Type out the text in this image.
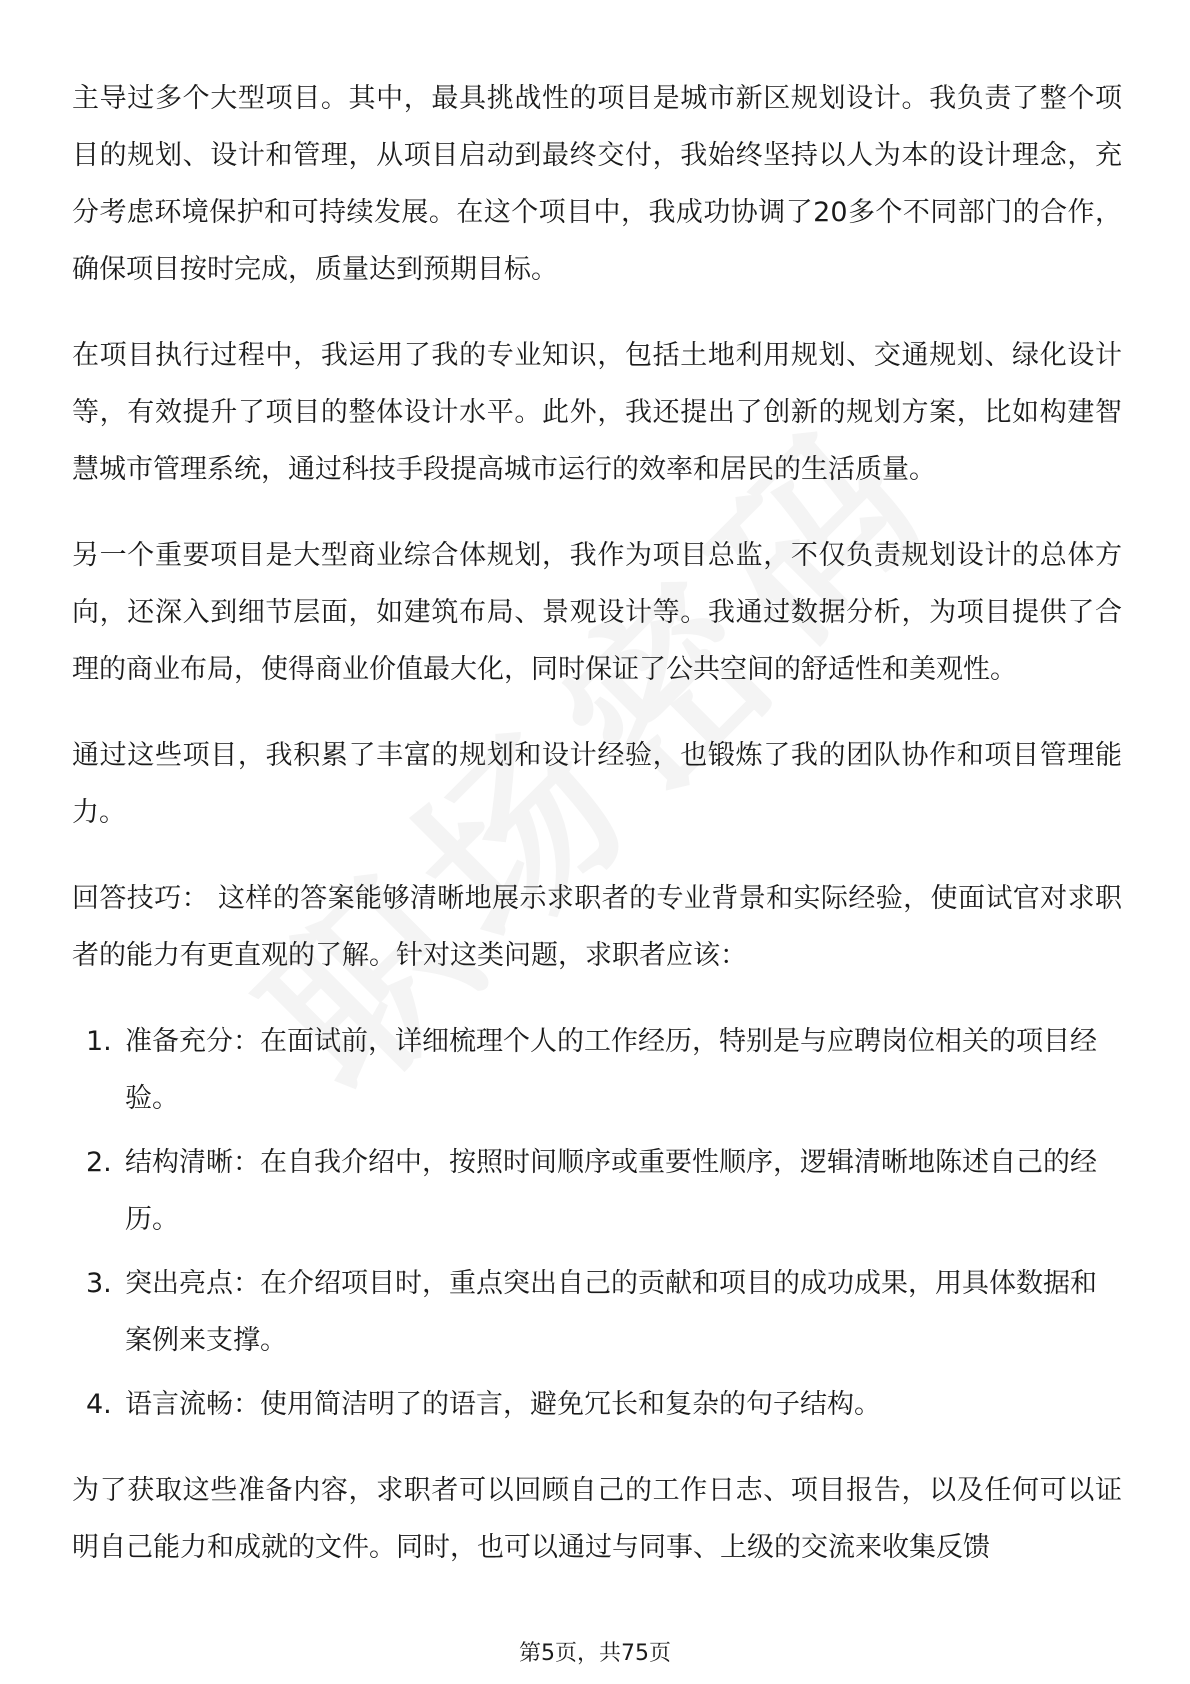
主导过多个大型项目。其中，最具挑战性的项目是城市新区规划设计。我负责了整个项目的规划、设计和管理，从项目启动到最终交付，我始终坚持以人为本的设计理念，充分考虑环境保护和可持续发展。在这个项目中，我成功协调了20多个不同部门的合作，确保项目按时完成，质量达到预期目标。

在项目执行过程中，我运用了我的专业知识，包括土地利用规划、交通规划、绿化设计等，有效提升了项目的整体设计水平。此外，我还提出了创新的规划方案，比如构建智慧城市管理系统，通过科技手段提高城市运行的效率和居民的生活质量。

另一个重要项目是大型商业综合体规划，我作为项目总监，不仅负责规划设计的总体方向，还深入到细节层面，如建筑布局、景观设计等。我通过数据分析，为项目提供了合理的商业布局，使得商业价值最大化，同时保证了公共空间的舒适性和美观性。

通过这些项目，我积累了丰富的规划和设计经验，也锻炼了我的团队协作和项目管理能力。

回答技巧： 这样的答案能够清晰地展示求职者的专业背景和实际经验，使面试官对求职者的能力有更直观的了解。针对这类问题，求职者应该：

1. 准备充分：在面试前，详细梳理个人的工作经历，特别是与应聘岗位相关的项目经验。
2. 结构清晰：在自我介绍中，按照时间顺序或重要性顺序，逻辑清晰地陈述自己的经历。
3. 突出亮点：在介绍项目时，重点突出自己的贡献和项目的成功成果，用具体数据和案例来支撑。
4. 语言流畅：使用简洁明了的语言，避免冗长和复杂的句子结构。

为了获取这些准备内容，求职者可以回顾自己的工作日志、项目报告，以及任何可以证明自己能力和成就的文件。同时，也可以通过与同事、上级的交流来收集反馈

第5页，共75页
